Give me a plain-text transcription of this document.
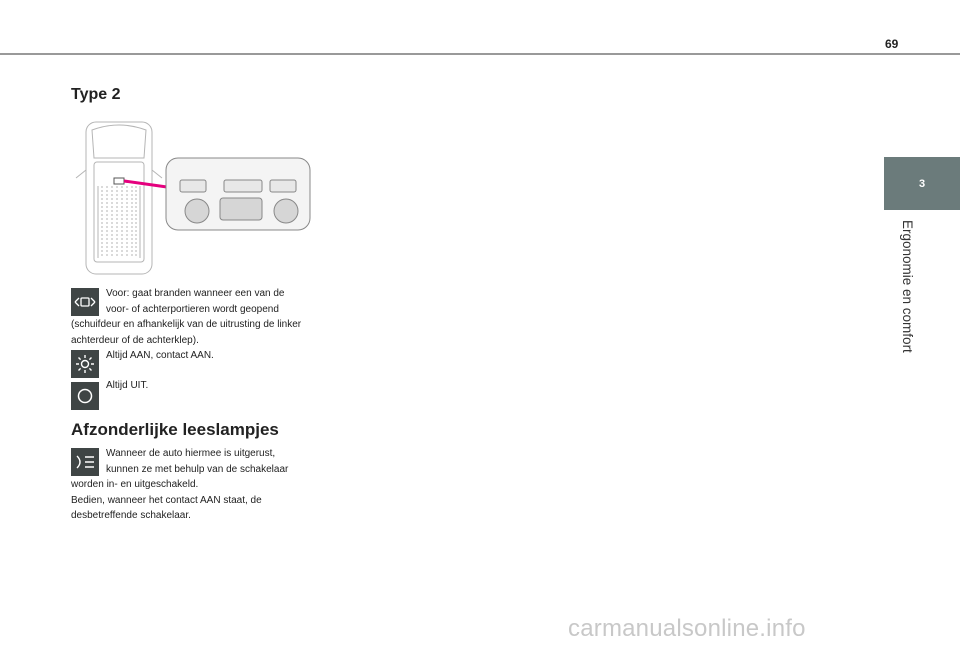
69
3
Ergonomie en comfort
Type 2

Voor: gaat branden wanneer een van de
voor- of achterportieren wordt geopend
(schuifdeur en afhankelijk van de uitrusting de linker achterdeur of de achterklep).

Altijd AAN, contact AAN.

Altijd UIT.

Afzonderlijke leeslampjes

Wanneer de auto hiermee is uitgerust,
kunnen ze met behulp van de schakelaar
worden in- en uitgeschakeld.
Bedien, wanneer het contact AAN staat, de desbetreffende schakelaar.

carmanualsonline.info
